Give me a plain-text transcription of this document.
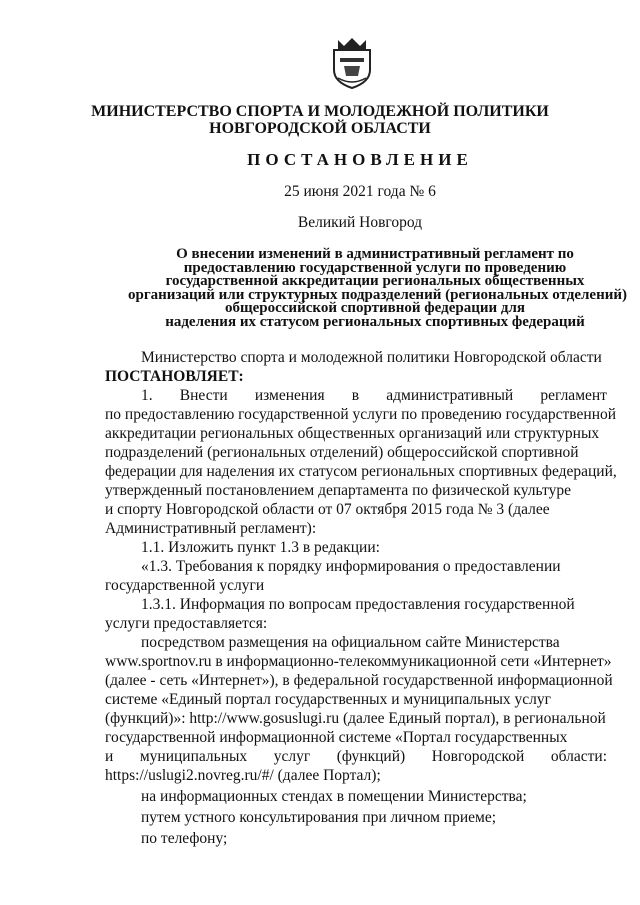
МИНИСТЕРСТВО СПОРТА И МОЛОДЕЖНОЙ ПОЛИТИКИ
НОВГОРОДСКОЙ ОБЛАСТИ
ПОСТАНОВЛЕНИЕ
25 июня 2021 года № 6
Великий Новгород
О внесении изменений в административный регламент по
предоставлению государственной услуги по проведению
государственной аккредитации региональных общественных
организаций или структурных подразделений (региональных отделений)
общероссийской спортивной федерации для
наделения их статусом региональных спортивных федераций
Министерство спорта и молодежной политики Новгородской области
ПОСТАНОВЛЯЕТ:
1. Внести изменения в административный регламент
по предоставлению государственной услуги по проведению государственной
аккредитации региональных общественных организаций или структурных
подразделений (региональных отделений) общероссийской спортивной
федерации для наделения их статусом региональных спортивных федераций,
утвержденный постановлением департамента по физической культуре
и спорту Новгородской области от 07 октября 2015 года № 3 (далее
Административный регламент):
1.1. Изложить пункт 1.3 в редакции:
«1.3. Требования к порядку информирования о предоставлении
государственной услуги
1.3.1. Информация по вопросам предоставления государственной
услуги предоставляется:
посредством размещения на официальном сайте Министерства
www.sportnov.ru в информационно-телекоммуникационной сети «Интернет»
(далее - сеть «Интернет»), в федеральной государственной информационной
системе «Единый портал государственных и муниципальных услуг
(функций)»: http://www.gosuslugi.ru (далее Единый портал), в региональной
государственной информационной системе «Портал государственных
и муниципальных услуг (функций) Новгородской области:
https://uslugi2.novreg.ru/#/ (далее Портал);
на информационных стендах в помещении Министерства;
путем устного консультирования при личном приеме;
по телефону;
